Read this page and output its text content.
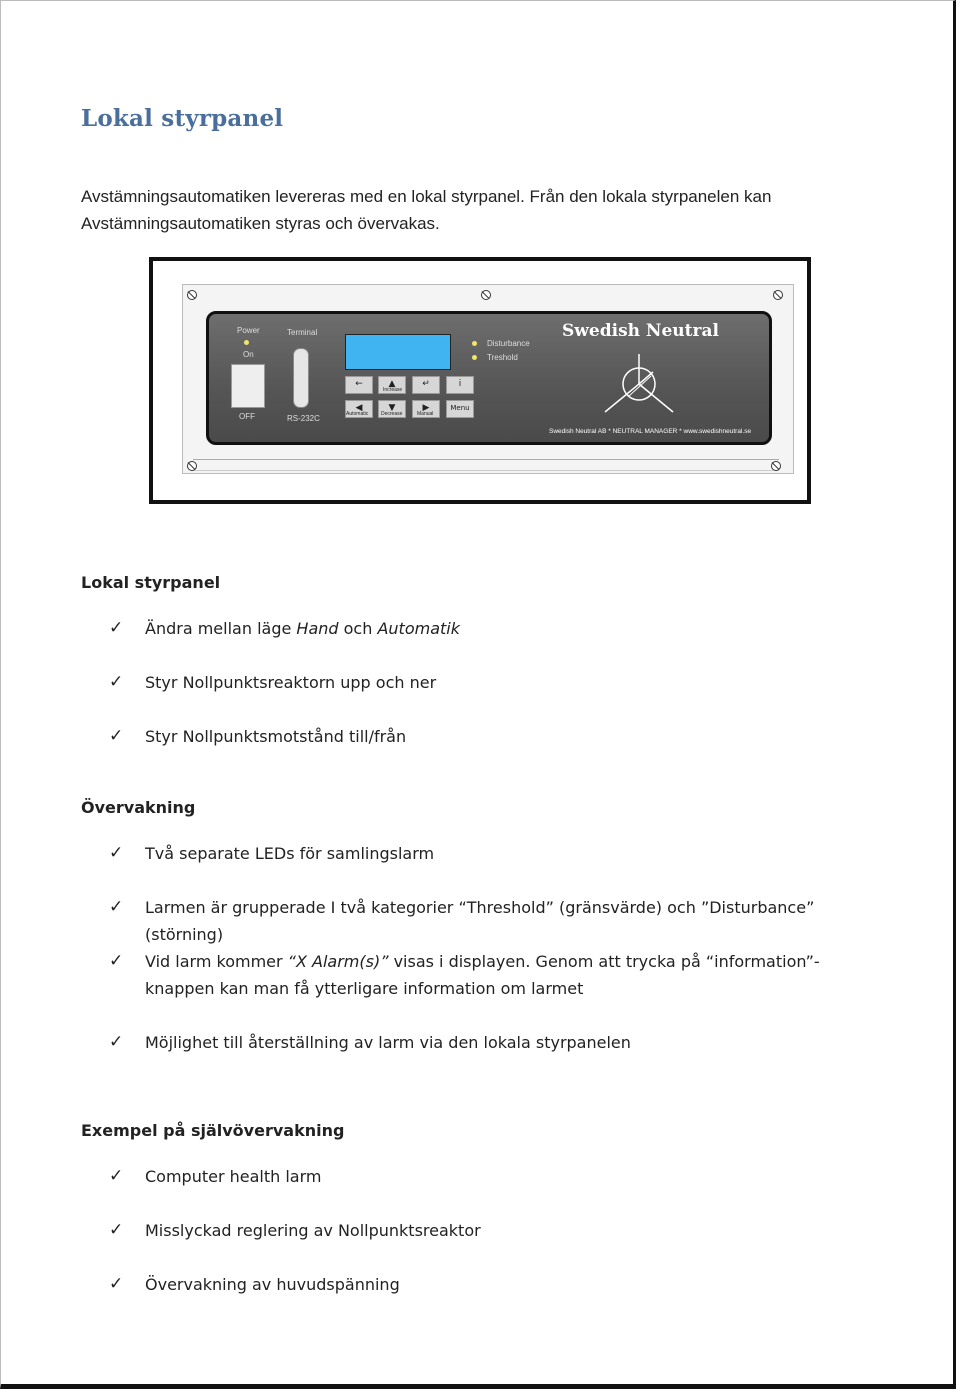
Lokal styrpanel

Avstämningsautomatiken levereras med en lokal styrpanel. Från den lokala styrpanelen kan Avstämningsautomatiken styras och övervakas.

Power
On
OFF
Terminal
RS-232C
Disturbance
Treshold
←	▲
Increase
↵	i
◀
Automatic
▼
Decrease
▶
Manual
Menu
Swedish Neutral
Swedish Neutral AB * NEUTRAL MANAGER * www.swedishneutral.se
Lokal styrpanel
✓	Ändra mellan läge Hand och Automatik
✓	Styr Nollpunktsreaktorn upp och ner
✓	Styr Nollpunktsmotstånd till/från
Övervakning
✓	Två separate LEDs för samlingslarm
✓	Larmen är grupperade I två kategorier “Threshold” (gränsvärde) och ”Disturbance” (störning)
✓	Vid larm kommer “X Alarm(s)” visas i displayen. Genom att trycka på “information”-knappen kan man få ytterligare information om larmet
✓	Möjlighet till återställning av larm via den lokala styrpanelen
Exempel på självövervakning
✓	Computer health larm
✓	Misslyckad reglering av Nollpunktsreaktor
✓	Övervakning av huvudspänning
